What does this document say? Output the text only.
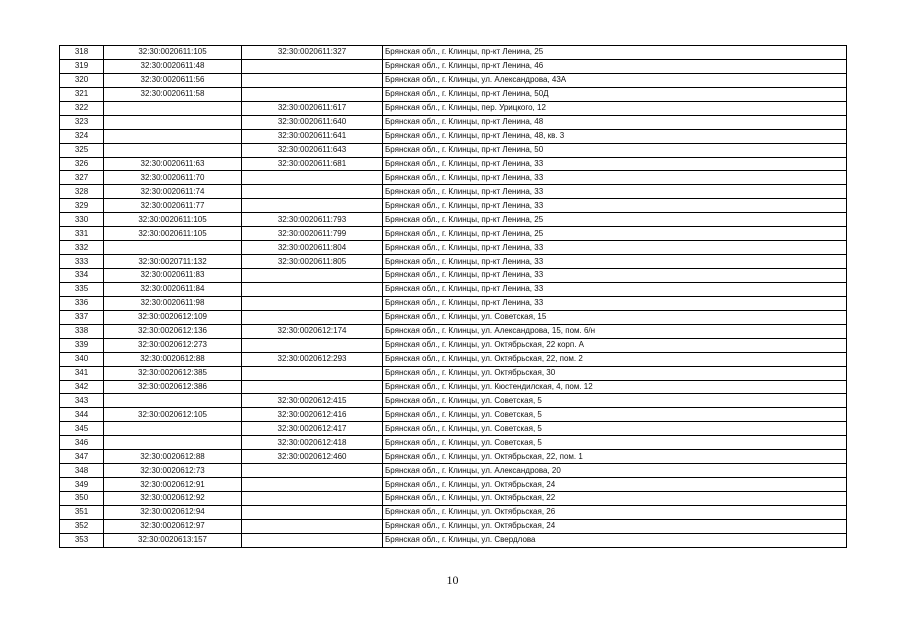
318	32:30:0020611:105	32:30:0020611:327	Брянская обл., г. Клинцы, пр-кт Ленина, 25
319	32:30:0020611:48		Брянская обл., г. Клинцы, пр-кт Ленина, 46
320	32:30:0020611:56		Брянская обл., г. Клинцы, ул. Александрова, 43А
321	32:30:0020611:58		Брянская обл., г. Клинцы, пр-кт Ленина, 50Д
322		32:30:0020611:617	Брянская обл., г. Клинцы, пер. Урицкого, 12
323		32:30:0020611:640	Брянская обл., г. Клинцы, пр-кт Ленина, 48
324		32:30:0020611:641	Брянская обл., г. Клинцы, пр-кт Ленина, 48, кв. 3
325		32:30:0020611:643	Брянская обл., г. Клинцы, пр-кт Ленина, 50
326	32:30:0020611:63	32:30:0020611:681	Брянская обл., г. Клинцы, пр-кт Ленина, 33
327	32:30:0020611:70		Брянская обл., г. Клинцы, пр-кт Ленина, 33
328	32:30:0020611:74		Брянская обл., г. Клинцы, пр-кт Ленина, 33
329	32:30:0020611:77		Брянская обл., г. Клинцы, пр-кт Ленина, 33
330	32:30:0020611:105	32:30:0020611:793	Брянская обл., г. Клинцы, пр-кт Ленина, 25
331	32:30:0020611:105	32:30:0020611:799	Брянская обл., г. Клинцы, пр-кт Ленина, 25
332		32:30:0020611:804	Брянская обл., г. Клинцы, пр-кт Ленина, 33
333	32:30:0020711:132	32:30:0020611:805	Брянская обл., г. Клинцы, пр-кт Ленина, 33
334	32:30:0020611:83		Брянская обл., г. Клинцы, пр-кт Ленина, 33
335	32:30:0020611:84		Брянская обл., г. Клинцы, пр-кт Ленина, 33
336	32:30:0020611:98		Брянская обл., г. Клинцы, пр-кт Ленина, 33
337	32:30:0020612:109		Брянская обл., г. Клинцы, ул. Советская, 15
338	32:30:0020612:136	32:30:0020612:174	Брянская обл., г. Клинцы, ул. Александрова, 15, пом. 6/н
339	32:30:0020612:273		Брянская обл., г. Клинцы, ул. Октябрьская, 22 корп. А
340	32:30:0020612:88	32:30:0020612:293	Брянская обл., г. Клинцы, ул. Октябрьская, 22, пом. 2
341	32:30:0020612:385		Брянская обл., г. Клинцы, ул. Октябрьская, 30
342	32:30:0020612:386		Брянская обл., г. Клинцы, ул. Кюстендилская, 4, пом. 12
343		32:30:0020612:415	Брянская обл., г. Клинцы, ул. Советская, 5
344	32:30:0020612:105	32:30:0020612:416	Брянская обл., г. Клинцы, ул. Советская, 5
345		32:30:0020612:417	Брянская обл., г. Клинцы, ул. Советская, 5
346		32:30:0020612:418	Брянская обл., г. Клинцы, ул. Советская, 5
347	32:30:0020612:88	32:30:0020612:460	Брянская обл., г. Клинцы, ул. Октябрьская, 22, пом. 1
348	32:30:0020612:73		Брянская обл., г. Клинцы, ул. Александрова, 20
349	32:30:0020612:91		Брянская обл., г. Клинцы, ул. Октябрьская, 24
350	32:30:0020612:92		Брянская обл., г. Клинцы, ул. Октябрьская, 22
351	32:30:0020612:94		Брянская обл., г. Клинцы, ул. Октябрьская, 26
352	32:30:0020612:97		Брянская обл., г. Клинцы, ул. Октябрьская, 24
353	32:30:0020613:157		Брянская обл., г. Клинцы, ул. Свердлова
10
